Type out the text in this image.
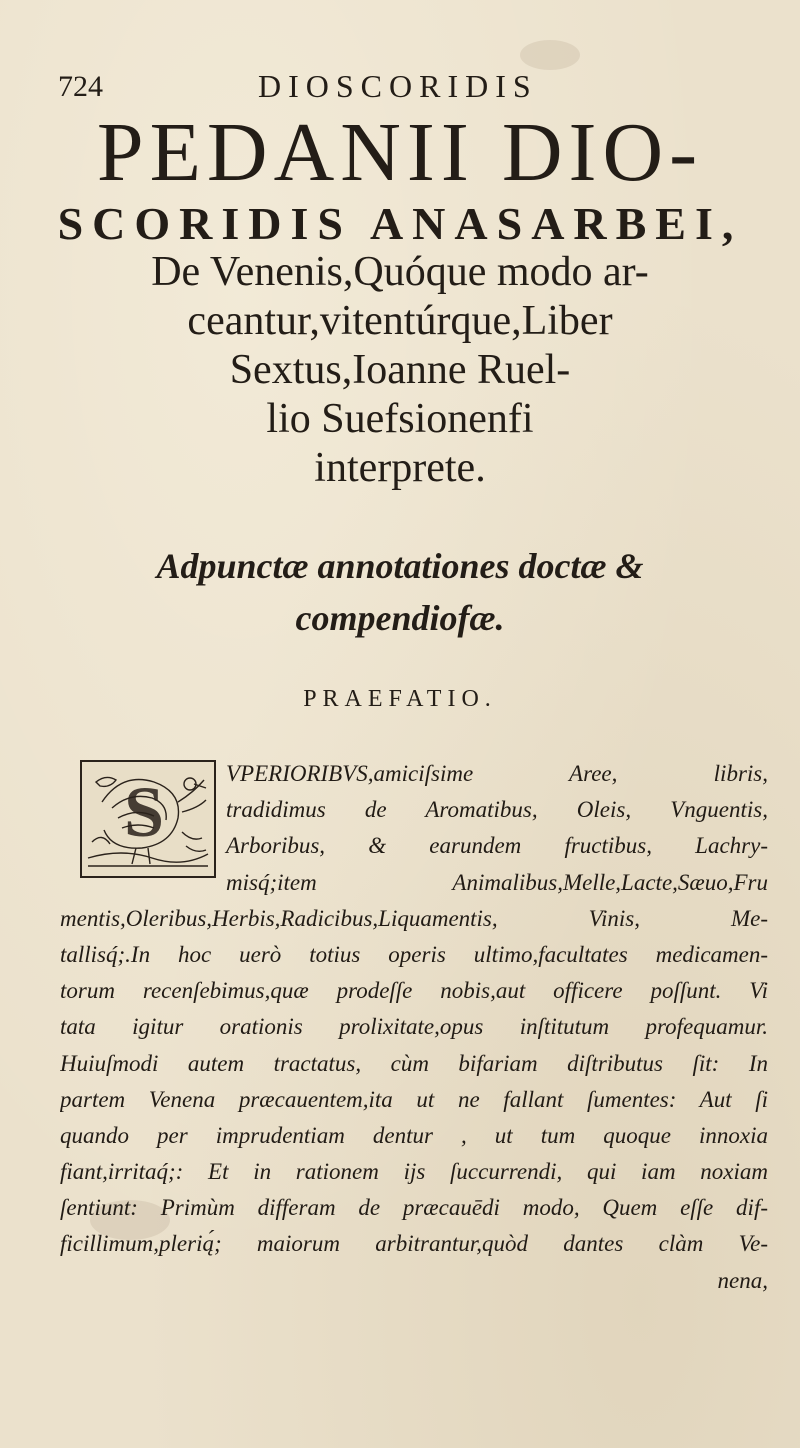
724	DIOSCORIDIS
PEDANII DIO-
SCORIDIS ANASARBEI,
De Venenis,Quóque modo ar-
ceantur,vitentúrque,Liber
Sextus,Ioanne Ruel-
lio Suefsionenfi
interprete.
Adpunctæ annotationes doctæ &
compendiofæ.
PRAEFATIO.
S	VPERIORIBVS,amiciſsime Aree, libris,
tradidimus de Aromatibus, Oleis, Vnguentis,
Arboribus, & earundem fructibus, Lachry-
misq́;item Animalibus,Melle,Lacte,Sæuo,Fru
mentis,Oleribus,Herbis,Radicibus,Liquamentis, Vinis, Me-
tallisq́;.In hoc uerò totius operis ultimo,facultates medicamen-
torum recenſebimus,quæ prodeſſe nobis,aut officere poſſunt. Vi
tata igitur orationis prolixitate,opus inſtitutum profequamur.
Huiuſmodi autem tractatus, cùm bifariam diſtributus ſit: In
partem Venena præcauentem,ita ut ne fallant ſumentes: Aut ſi
quando per imprudentiam dentur , ut tum quoque innoxia
fiant,irritaq́;: Et in rationem ijs ſuccurrendi, qui iam noxiam
ſentiunt: Primùm differam de præcauēdi modo, Quem eſſe dif-
ficillimum,plerią́; maiorum arbitrantur,quòd dantes clàm Ve-
nena,
